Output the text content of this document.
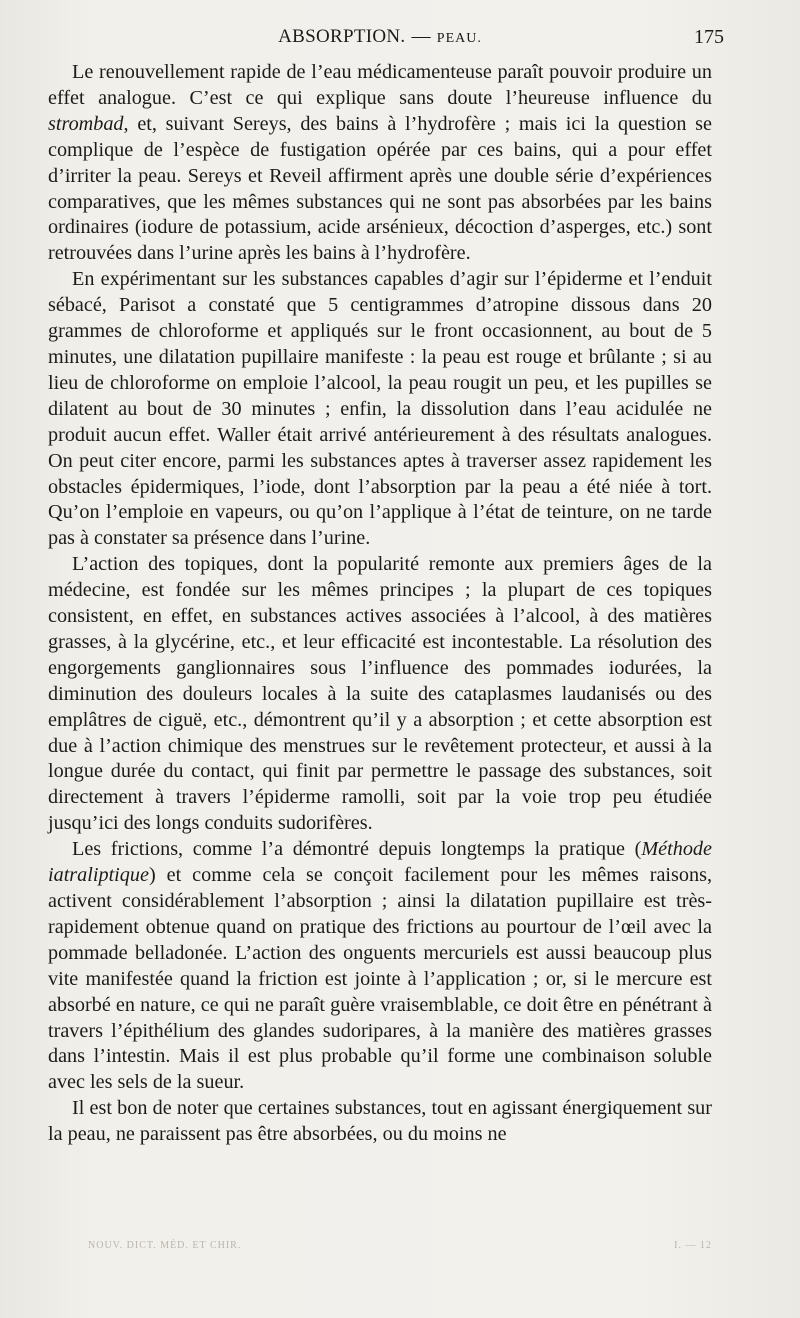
ABSORPTION. — PEAU.	175

Le renouvellement rapide de l’eau médicamenteuse paraît pouvoir produire un effet analogue. C’est ce qui explique sans doute l’heureuse influence du strombad, et, suivant Sereys, des bains à l’hydrofère ; mais ici la question se complique de l’espèce de fustigation opérée par ces bains, qui a pour effet d’irriter la peau. Sereys et Reveil affirment après une double série d’expériences comparatives, que les mêmes substances qui ne sont pas absorbées par les bains ordinaires (iodure de potassium, acide arsénieux, décoction d’asperges, etc.) sont retrouvées dans l’urine après les bains à l’hydrofère.

En expérimentant sur les substances capables d’agir sur l’épiderme et l’enduit sébacé, Parisot a constaté que 5 centigrammes d’atropine dissous dans 20 grammes de chloroforme et appliqués sur le front occasionnent, au bout de 5 minutes, une dilatation pupillaire manifeste : la peau est rouge et brûlante ; si au lieu de chloroforme on emploie l’alcool, la peau rougit un peu, et les pupilles se dilatent au bout de 30 minutes ; enfin, la dissolution dans l’eau acidulée ne produit aucun effet. Waller était arrivé antérieurement à des résultats analogues. On peut citer encore, parmi les substances aptes à traverser assez rapidement les obstacles épidermiques, l’iode, dont l’absorption par la peau a été niée à tort. Qu’on l’emploie en vapeurs, ou qu’on l’applique à l’état de teinture, on ne tarde pas à constater sa présence dans l’urine.

L’action des topiques, dont la popularité remonte aux premiers âges de la médecine, est fondée sur les mêmes principes ; la plupart de ces topiques consistent, en effet, en substances actives associées à l’alcool, à des matières grasses, à la glycérine, etc., et leur efficacité est incontestable. La résolution des engorgements ganglionnaires sous l’influence des pommades iodurées, la diminution des douleurs locales à la suite des cataplasmes laudanisés ou des emplâtres de ciguë, etc., démontrent qu’il y a absorption ; et cette absorption est due à l’action chimique des menstrues sur le revêtement protecteur, et aussi à la longue durée du contact, qui finit par permettre le passage des substances, soit directement à travers l’épiderme ramolli, soit par la voie trop peu étudiée jusqu’ici des longs conduits sudorifères.

Les frictions, comme l’a démontré depuis longtemps la pratique (Méthode iatraliptique) et comme cela se conçoit facilement pour les mêmes raisons, activent considérablement l’absorption ; ainsi la dilatation pupillaire est très-rapidement obtenue quand on pratique des frictions au pourtour de l’œil avec la pommade belladonée. L’action des onguents mercuriels est aussi beaucoup plus vite manifestée quand la friction est jointe à l’application ; or, si le mercure est absorbé en nature, ce qui ne paraît guère vraisemblable, ce doit être en pénétrant à travers l’épithélium des glandes sudoripares, à la manière des matières grasses dans l’intestin. Mais il est plus probable qu’il forme une combinaison soluble avec les sels de la sueur.

Il est bon de noter que certaines substances, tout en agissant énergiquement sur la peau, ne paraissent pas être absorbées, ou du moins ne

NOUV. DICT. MÉD. ET CHIR.	I. — 12
